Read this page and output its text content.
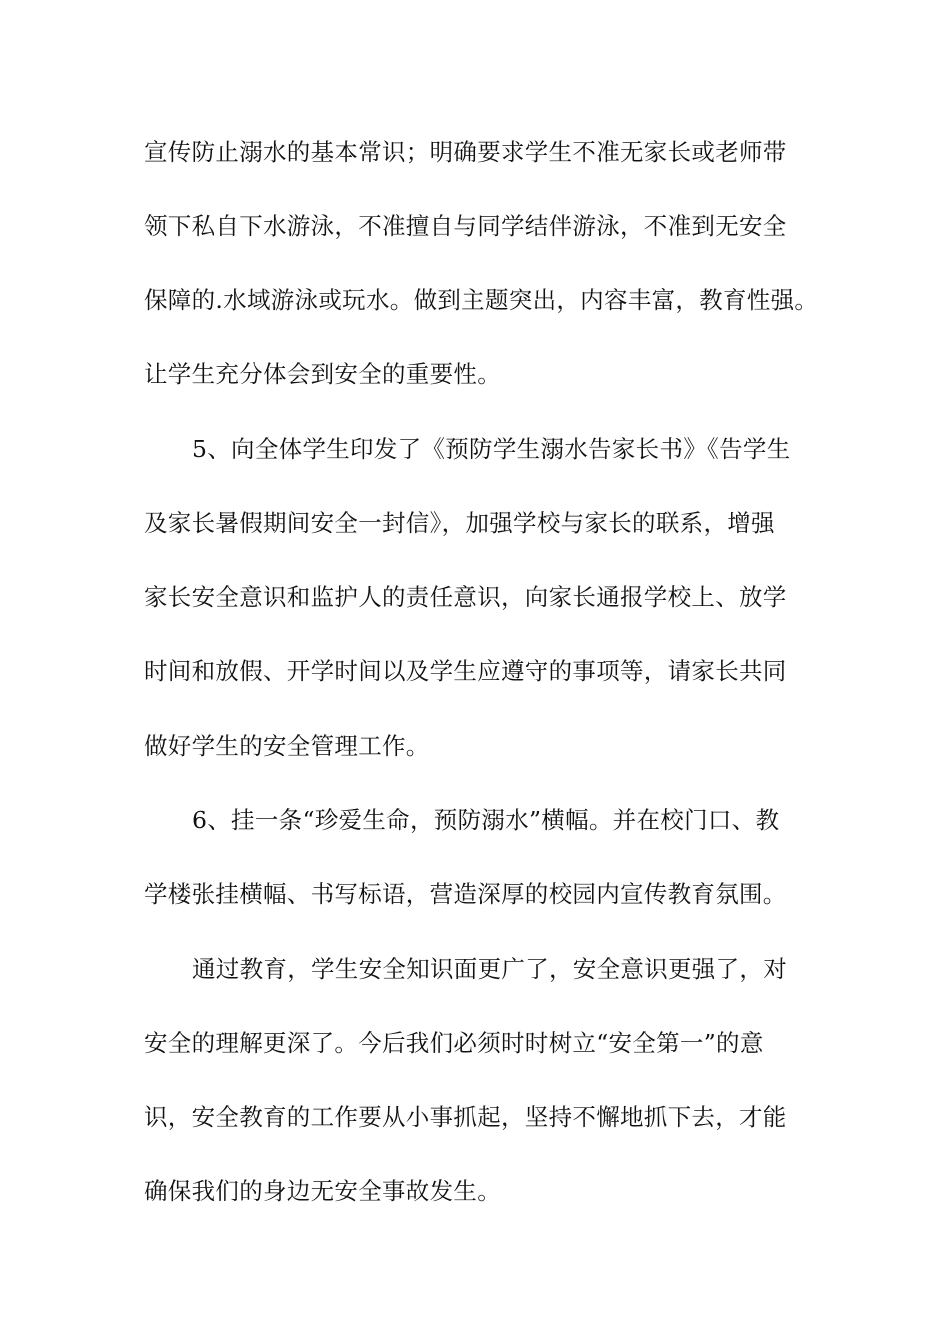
宣传防止溺水的基本常识；明确要求学生不准无家长或老师带
领下私自下水游泳，不准擅自与同学结伴游泳，不准到无安全
保障的.水域游泳或玩水。做到主题突出，内容丰富，教育性强。
让学生充分体会到安全的重要性。
5、向全体学生印发了《预防学生溺水告家长书》《告学生
及家长暑假期间安全一封信》，加强学校与家长的联系，增强
家长安全意识和监护人的责任意识，向家长通报学校上、放学
时间和放假、开学时间以及学生应遵守的事项等，请家长共同
做好学生的安全管理工作。
6、挂一条“珍爱生命，预防溺水”横幅。并在校门口、教
学楼张挂横幅、书写标语，营造深厚的校园内宣传教育氛围。
通过教育，学生安全知识面更广了，安全意识更强了，对
安全的理解更深了。今后我们必须时时树立“安全第一”的意
识，安全教育的工作要从小事抓起，坚持不懈地抓下去，才能
确保我们的身边无安全事故发生。
